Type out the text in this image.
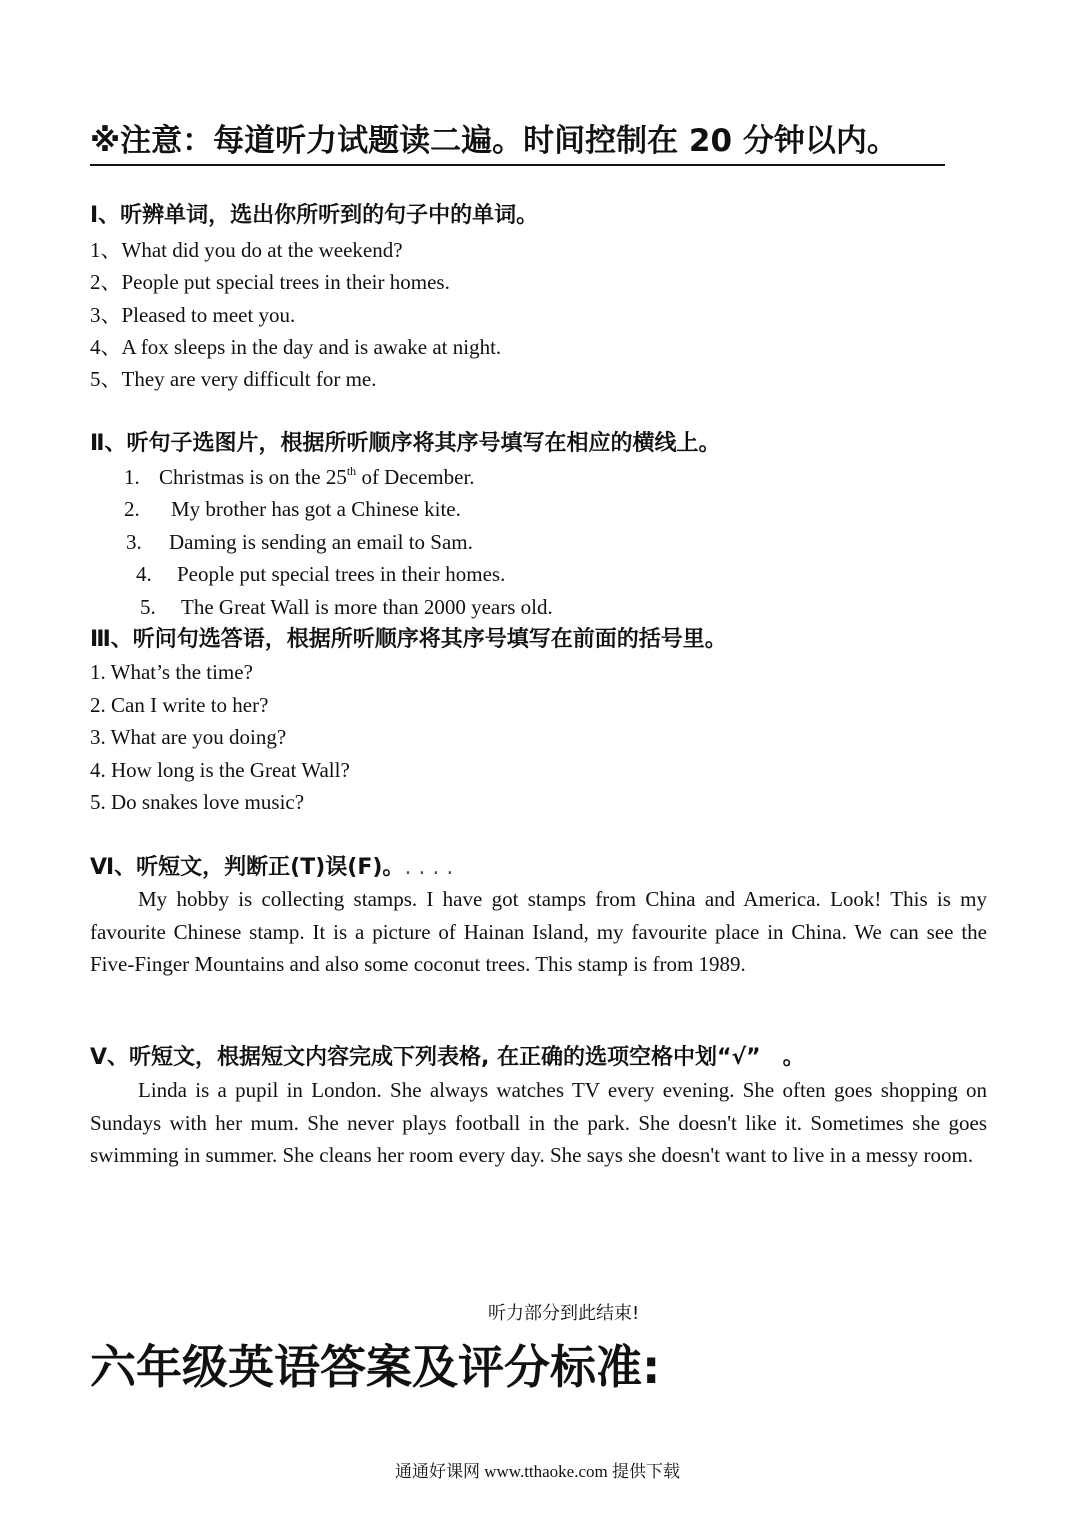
※注意：每道听力试题读二遍。时间控制在 20 分钟以内。
Ⅰ、听辨单词，选出你所听到的句子中的单词。
1、What did you do at the weekend?
2、People put special trees in their homes.
3、Pleased to meet you.
4、A fox sleeps in the day and is awake at night.
5、They are very difficult for me.
Ⅱ、听句子选图片，根据所听顺序将其序号填写在相应的横线上。
1. Christmas is on the 25th of December.
2. My brother has got a Chinese kite.
3. Daming is sending an email to Sam.
4. People put special trees in their homes.
5. The Great Wall is more than 2000 years old.
Ⅲ、听问句选答语，根据所听顺序将其序号填写在前面的括号里。
1. What’s the time?
2. Can I write to her?
3. What are you doing?
4. How long is the Great Wall?
5. Do snakes love music?
Ⅵ、听短文，判断正(T)误(F)。. . . .
My hobby is collecting stamps. I have got stamps from China and America. Look! This is my favourite Chinese stamp. It is a picture of Hainan Island, my favourite place in China. We can see the Five-Finger Mountains and also some coconut trees. This stamp is from 1989.
Ⅴ、听短文，根据短文内容完成下列表格, 在正确的选项空格中划“√”　。
Linda is a pupil in London. She always watches TV every evening. She often goes shopping on Sundays with her mum. She never plays football in the park. She doesn't like it. Sometimes she goes swimming in summer. She cleans her room every day. She says she doesn't want to live in a messy room.
听力部分到此结束!
六年级英语答案及评分标准:
通通好课网 www.tthaoke.com 提供下载
